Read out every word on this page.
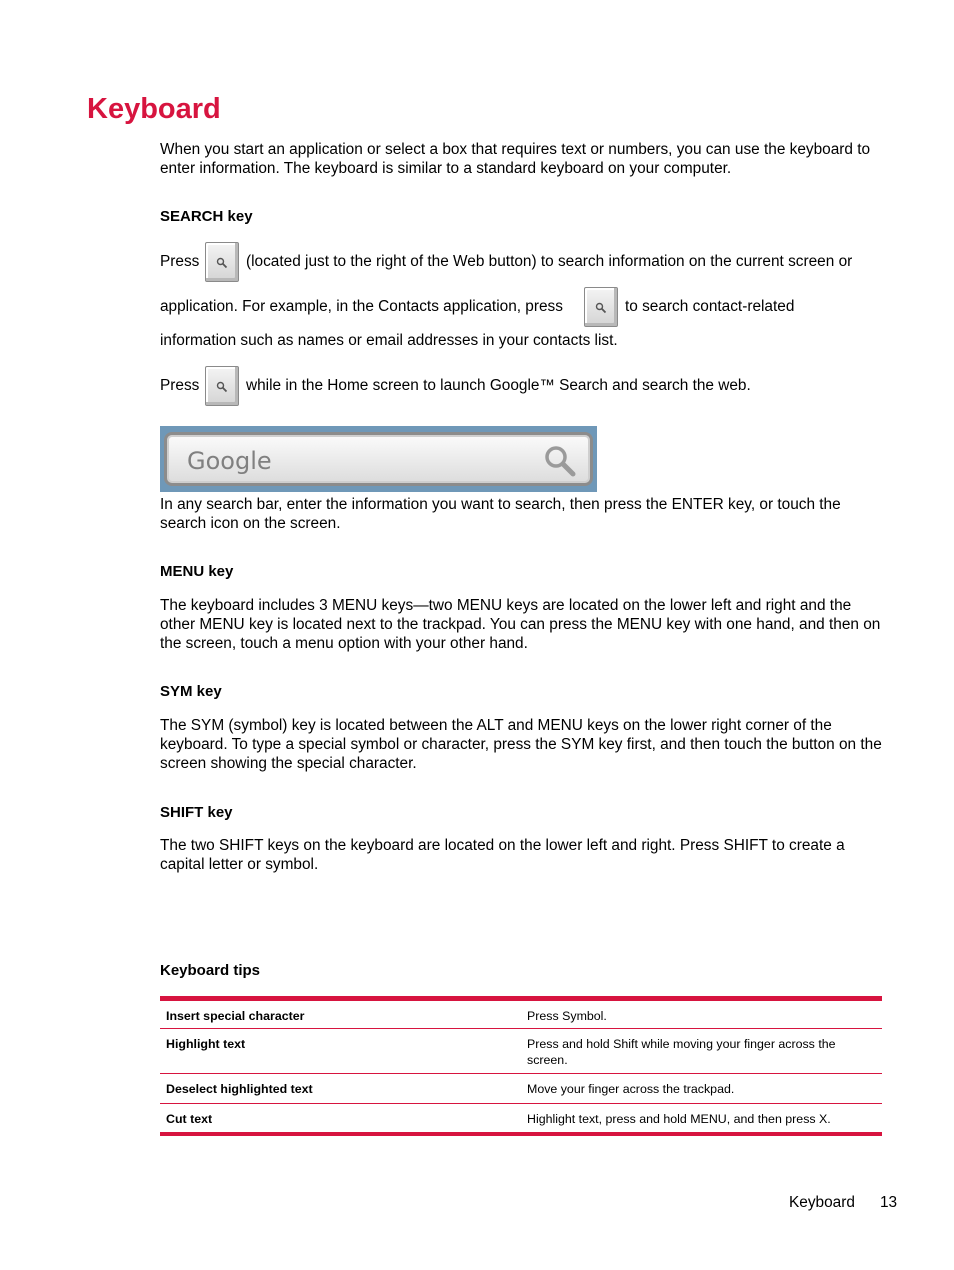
Keyboard

When you start an application or select a box that requires text or numbers, you can use the keyboard to enter information. The keyboard is similar to a standard keyboard on your computer.

SEARCH key

Press	(located just to the right of the Web button) to search information on the current screen or
application. For example, in the Contacts application, press	to search contact-related
information such as names or email addresses in your contacts list.
Press	while in the Home screen to launch Google™ Search and search the web.
Google

In any search bar, enter the information you want to search, then press the ENTER key, or touch the search icon on the screen.

MENU key

The keyboard includes 3 MENU keys—two MENU keys are located on the lower left and right and the other MENU key is located next to the trackpad. You can press the MENU key with one hand, and then on the screen, touch a menu option with your other hand.

SYM key

The SYM (symbol) key is located between the ALT and MENU keys on the lower right corner of the keyboard. To type a special symbol or character, press the SYM key first, and then touch the button on the screen showing the special character.

SHIFT key

The two SHIFT keys on the keyboard are located on the lower left and right. Press SHIFT to create a capital letter or symbol.

Keyboard tips

Insert special character	Press Symbol.
Highlight text	Press and hold Shift while moving your finger across the screen.
Deselect highlighted text	Move your finger across the trackpad.
Cut text	Highlight text, press and hold MENU, and then press X.
Keyboard 13
